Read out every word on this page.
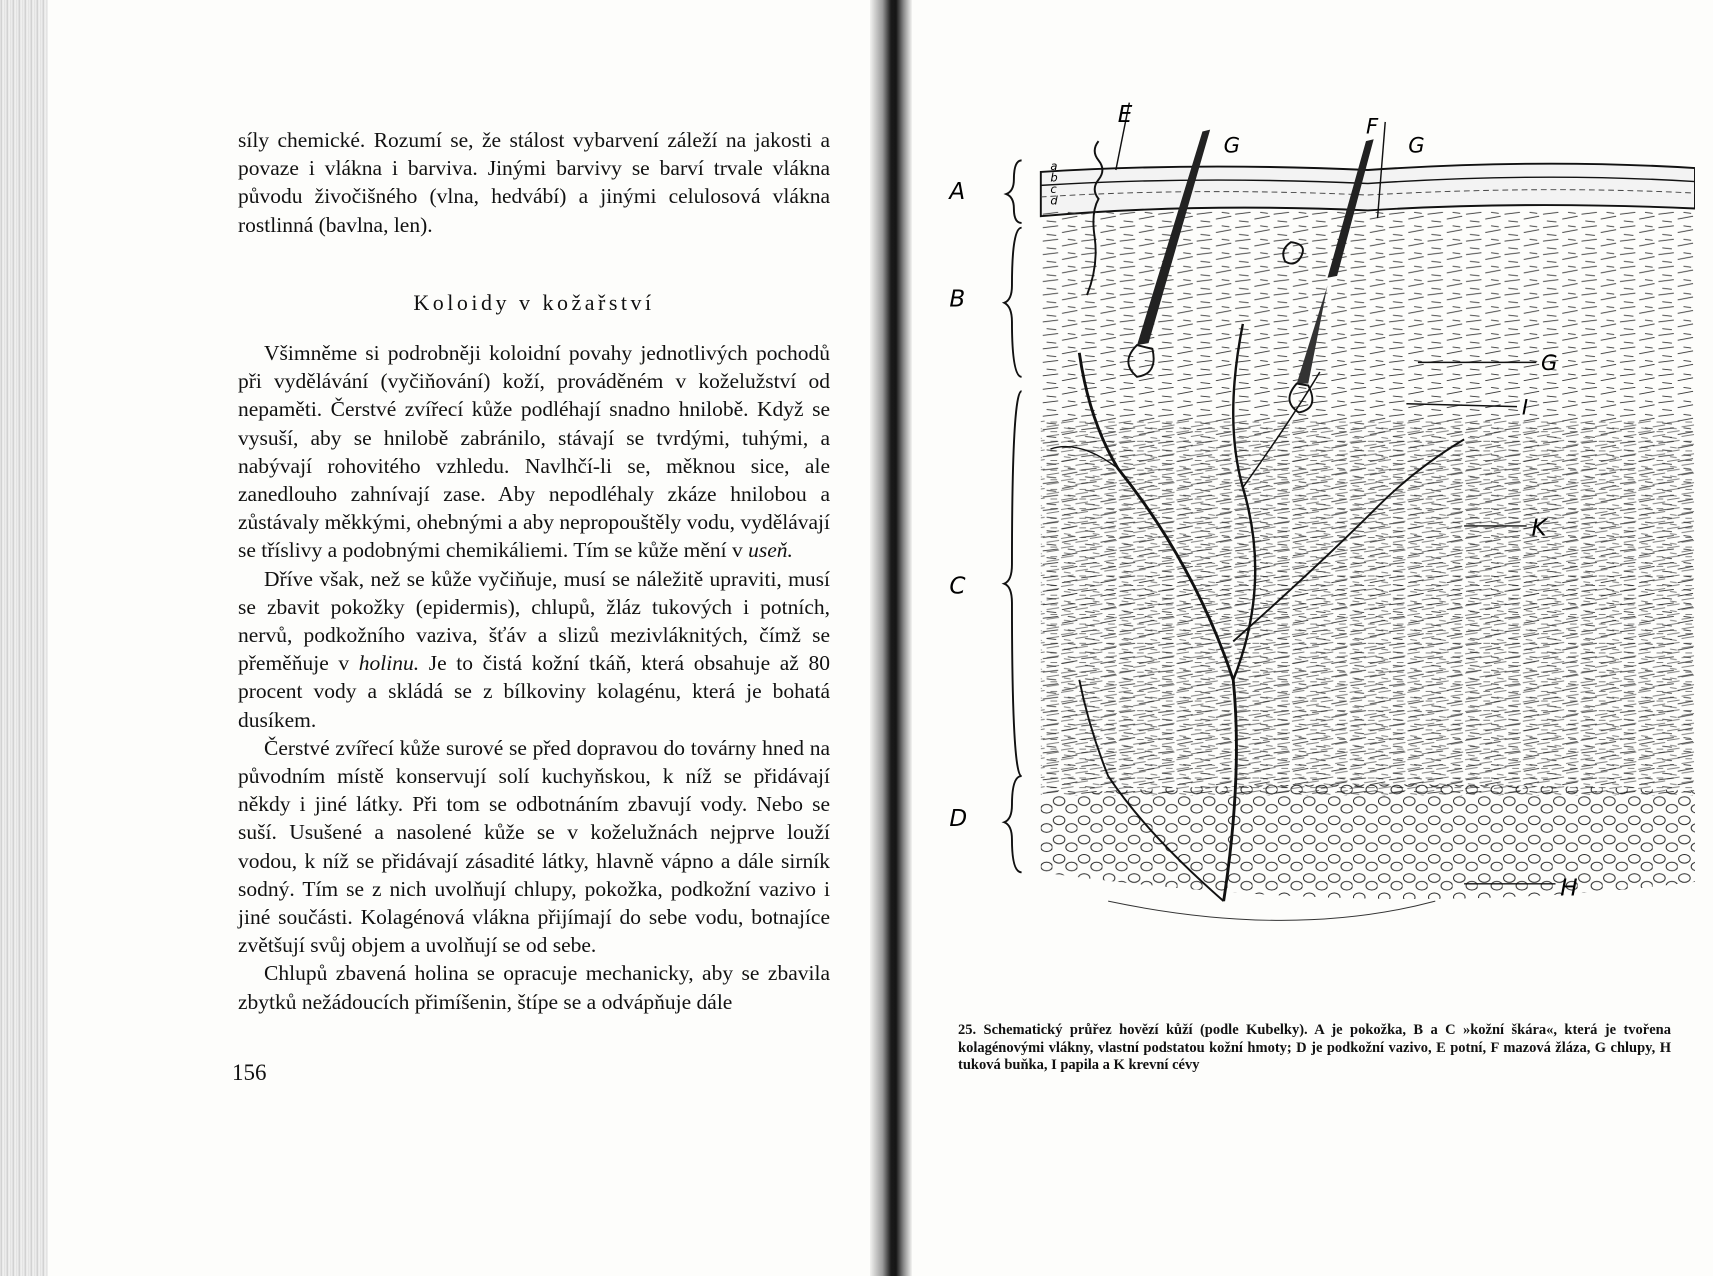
síly chemické. Rozumí se, že stálost vybarvení záleží na jakosti a povaze i vlákna i barviva. Jinými barvivy se barví trvale vlákna původu živočišného (vlna, hedvábí) a jinými celulosová vlákna rostlinná (bavlna, len).

Koloidy v kožařství

Všimněme si podrobněji koloidní povahy jednotlivých pochodů při vydělávání (vyčiňování) koží, prováděném v koželužství od nepaměti. Čerstvé zvířecí kůže podléhají snadno hnilobě. Když se vysuší, aby se hnilobě zabránilo, stávají se tvrdými, tuhými, a nabývají rohovitého vzhledu. Navlhčí-li se, měknou sice, ale zanedlouho zahnívají zase. Aby nepodléhaly zkáze hnilobou a zůstávaly měkkými, ohebnými a aby nepropouštěly vodu, vydělávají se tříslivy a podobnými chemikáliemi. Tím se kůže mění v useň.

Dříve však, než se kůže vyčiňuje, musí se náležitě upraviti, musí se zbavit pokožky (epidermis), chlupů, žláz tukových i potních, nervů, podkožního vaziva, šťáv a slizů mezivláknitých, čímž se přeměňuje v holinu. Je to čistá kožní tkáň, která obsahuje až 80 procent vody a skládá se z bílkoviny kolagénu, která je bohatá dusíkem.

Čerstvé zvířecí kůže surové se před dopravou do továrny hned na původním místě konservují solí kuchyňskou, k níž se přidávají někdy i jiné látky. Při tom se odbotnáním zbavují vody. Nebo se suší. Usušené a nasolené kůže se v koželužnách nejprve louží vodou, k níž se přidávají zásadité látky, hlavně vápno a dále sirník sodný. Tím se z nich uvolňují chlupy, pokožka, podkožní vazivo i jiné součásti. Kolagénová vlákna přijímají do sebe vodu, botnajíce zvětšují svůj objem a uvolňují se od sebe.

Chlupů zbavená holina se opracuje mechanicky, aby se zbavila zbytků nežádoucích přimíšenin, štípe se a odvápňuje dále

156
E
G
F
G
a
b
c
d
A
B
C
D
G
I
K
H
25. Schematický průřez hovězí kůží (podle Kubelky). A je pokožka, B a C »kožní škára«, která je tvořena kolagénovými vlákny, vlastní podstatou kožní hmoty; D je podkožní vazivo, E potní, F mazová žláza, G chlupy, H tuková buňka, I papila a K krevní cévy
